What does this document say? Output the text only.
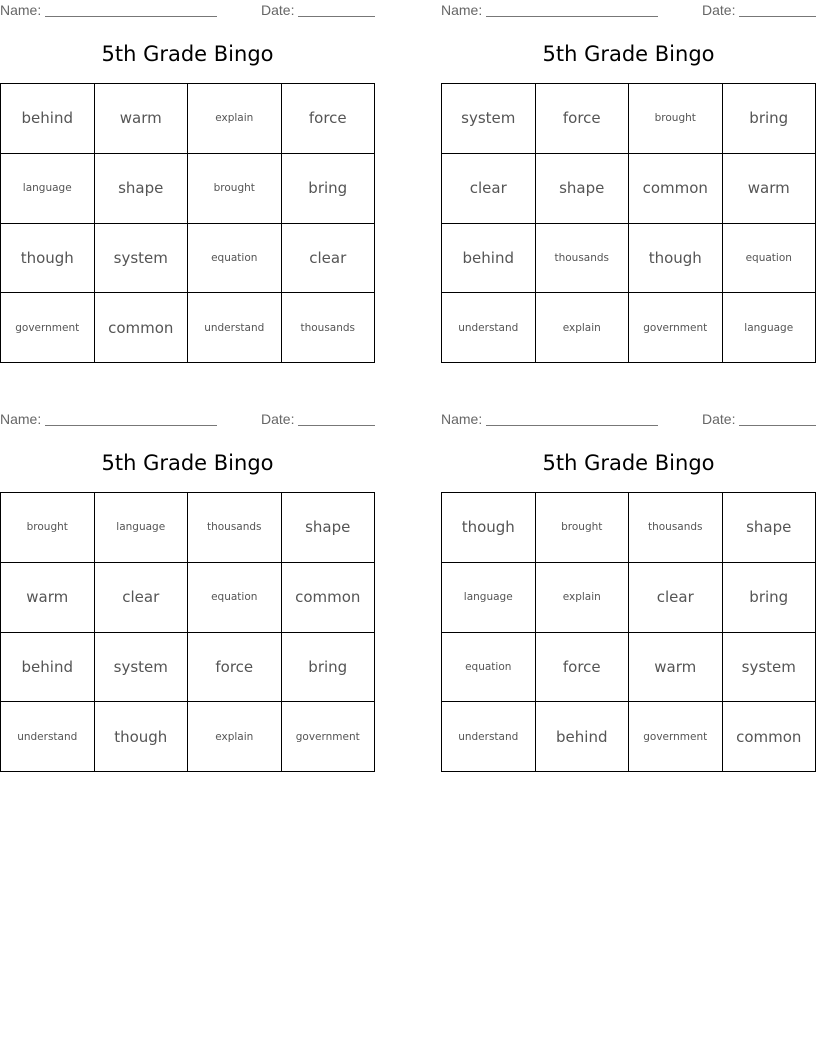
Name:	Date:
5th Grade Bingo
behind	warm	explain	force
language	shape	brought	bring
though	system	equation	clear
government	common	understand	thousands
Name:	Date:
5th Grade Bingo
system	force	brought	bring
clear	shape	common	warm
behind	thousands	though	equation
understand	explain	government	language
Name:	Date:
5th Grade Bingo
brought	language	thousands	shape
warm	clear	equation	common
behind	system	force	bring
understand	though	explain	government
Name:	Date:
5th Grade Bingo
though	brought	thousands	shape
language	explain	clear	bring
equation	force	warm	system
understand	behind	government	common
